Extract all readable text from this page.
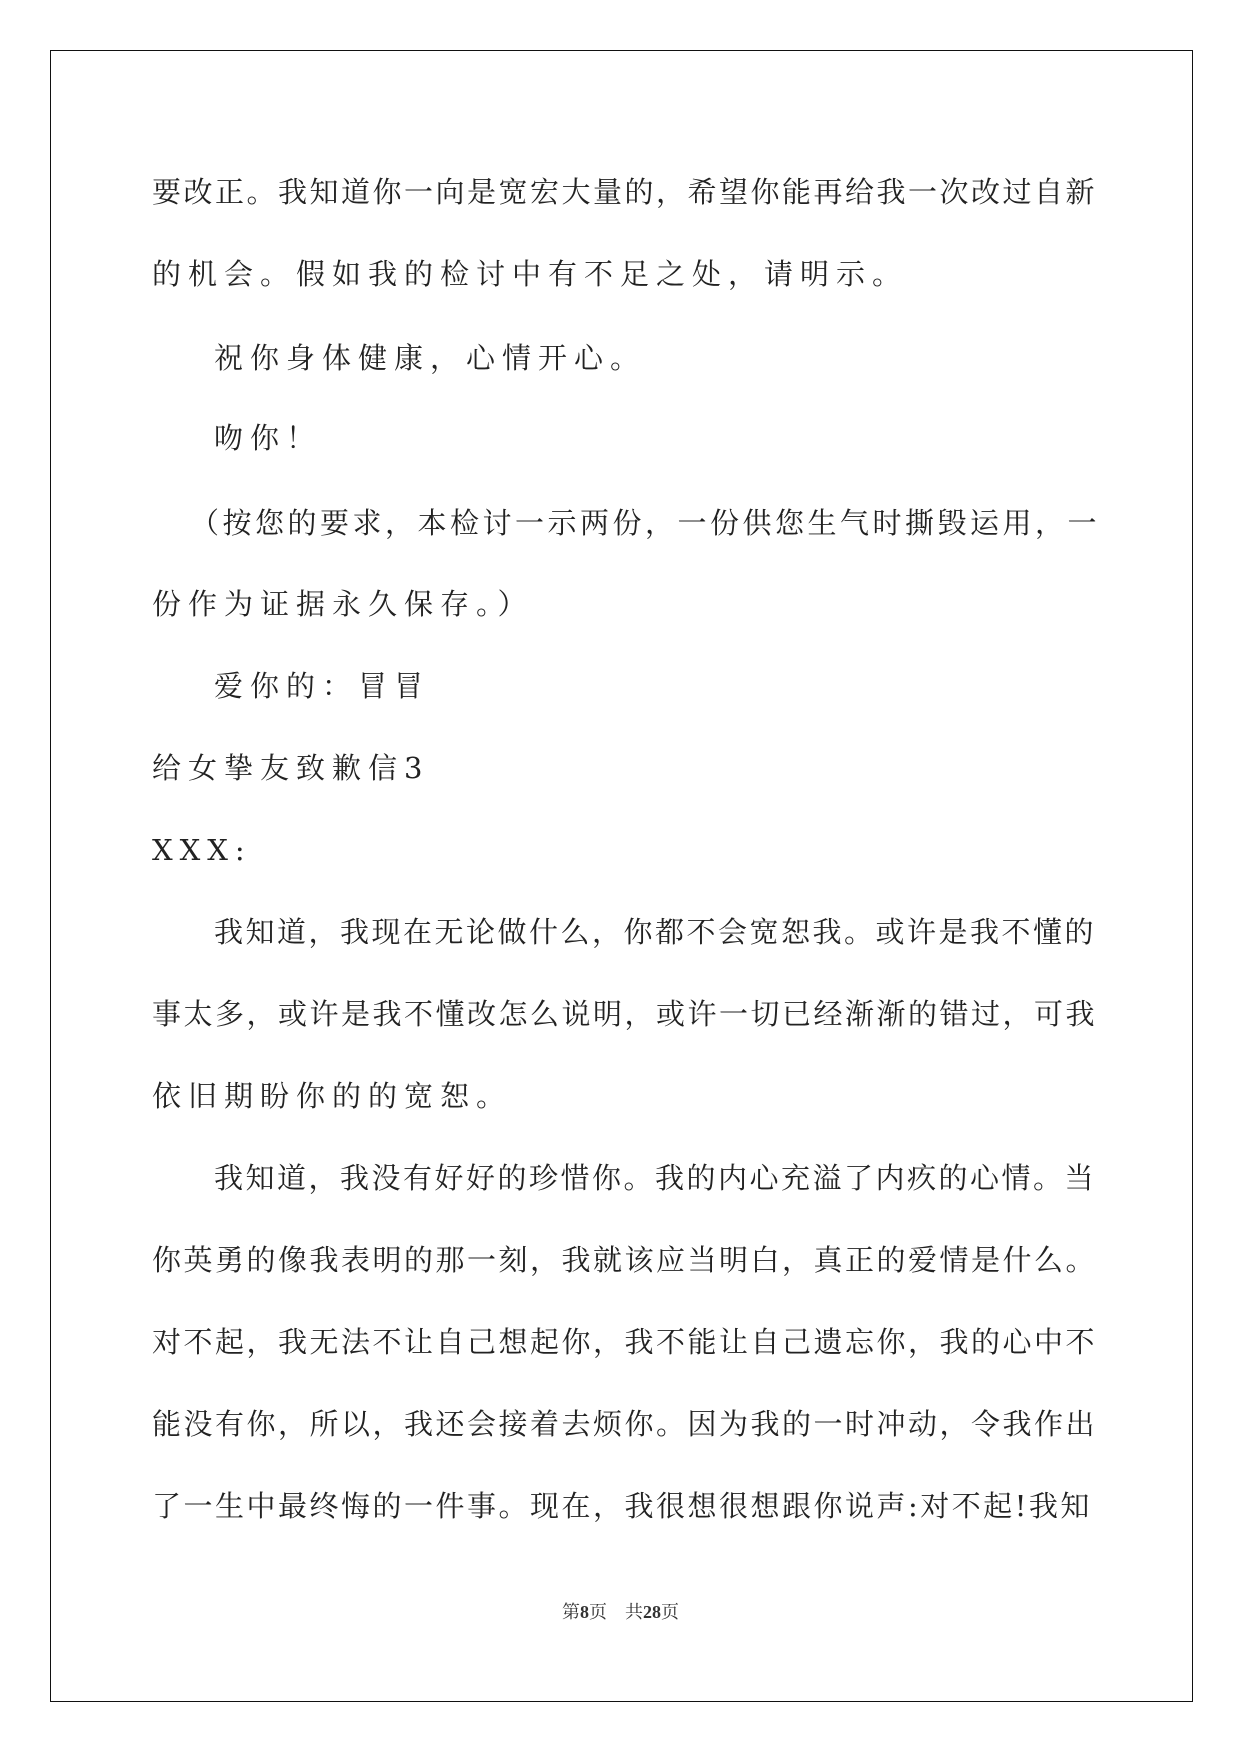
要改正。我知道你一向是宽宏大量的，希望你能再给我一次改过自新
的机会。假如我的检讨中有不足之处，请明示。
祝你身体健康，心情开心。
吻你！
（按您的要求，本检讨一示两份，一份供您生气时撕毁运用，一
份作为证据永久保存。）
爱你的：冒冒
给女挚友致歉信3
XXX:
我知道，我现在无论做什么，你都不会宽恕我。或许是我不懂的
事太多，或许是我不懂改怎么说明，或许一切已经渐渐的错过，可我
依旧期盼你的的宽恕。
我知道，我没有好好的珍惜你。我的内心充溢了内疚的心情。当
你英勇的像我表明的那一刻，我就该应当明白，真正的爱情是什么。
对不起，我无法不让自己想起你，我不能让自己遗忘你，我的心中不
能没有你，所以，我还会接着去烦你。因为我的一时冲动，令我作出
了一生中最终悔的一件事。现在，我很想很想跟你说声:对不起!我知
第8页　共28页
